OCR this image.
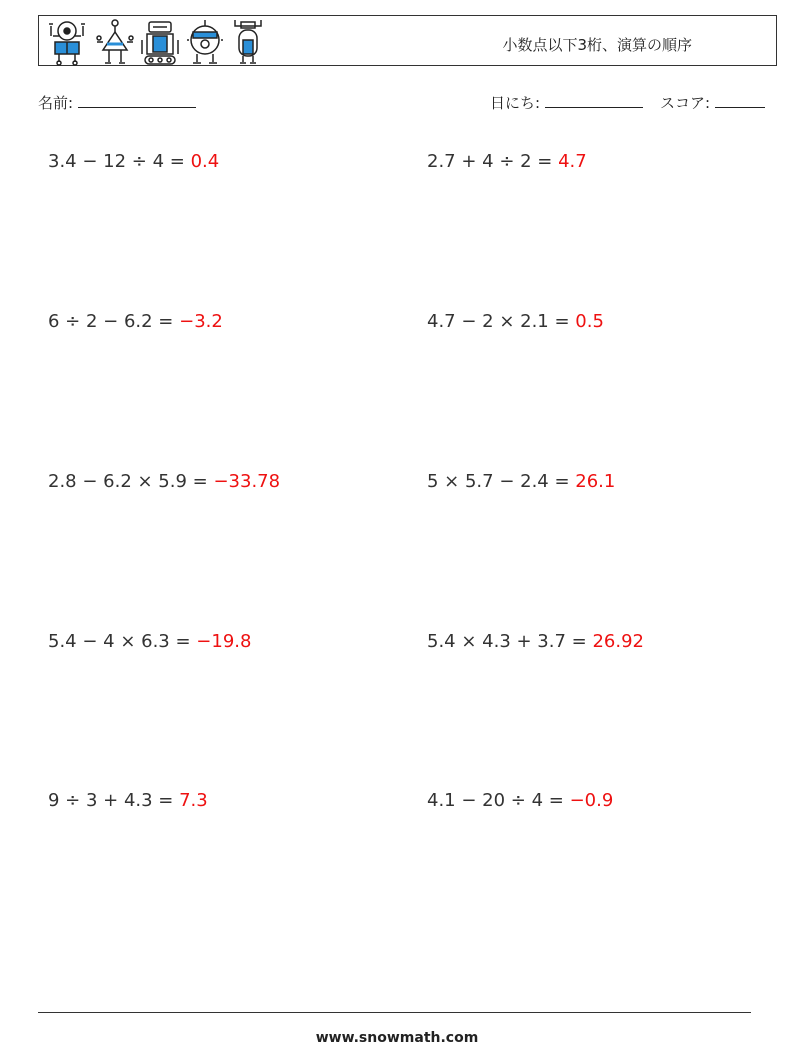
小数点以下3桁、演算の順序
名前:	日にち:	スコア:
3.4 − 12 ÷ 4 = 0.4	2.7 + 4 ÷ 2 = 4.7
6 ÷ 2 − 6.2 = −3.2	4.7 − 2 × 2.1 = 0.5
2.8 − 6.2 × 5.9 = −33.78	5 × 5.7 − 2.4 = 26.1
5.4 − 4 × 6.3 = −19.8	5.4 × 4.3 + 3.7 = 26.92
9 ÷ 3 + 4.3 = 7.3	4.1 − 20 ÷ 4 = −0.9
www.snowmath.com
